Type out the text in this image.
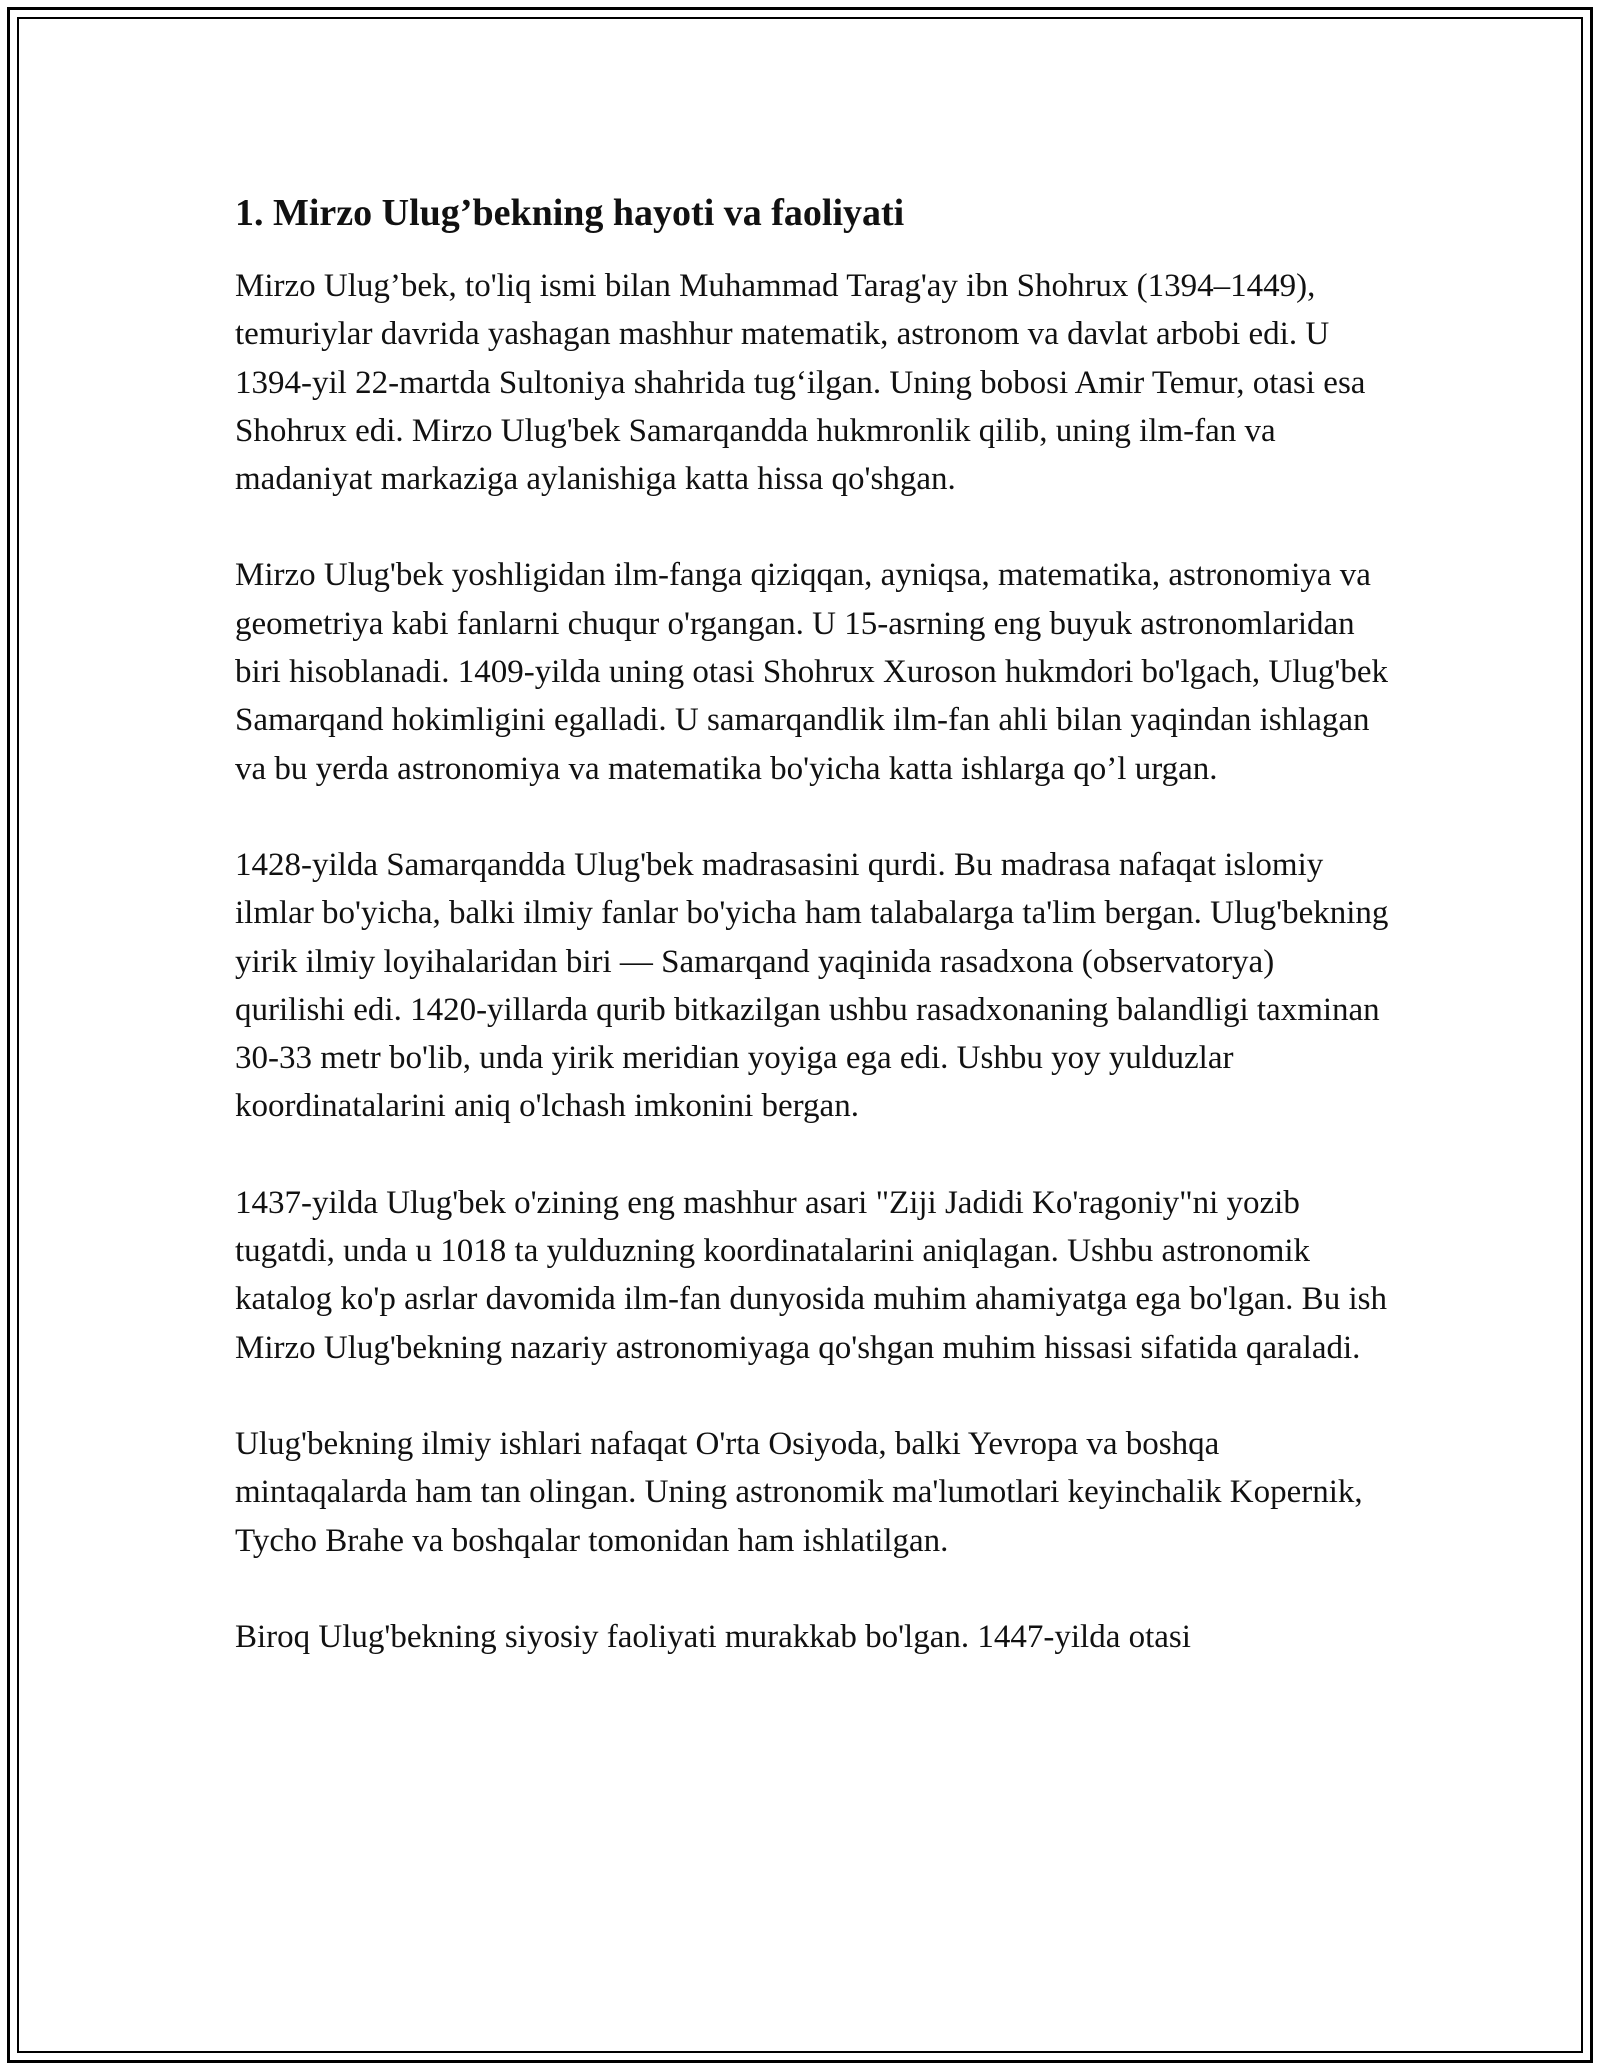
1. Mirzo Ulug’bekning hayoti va faoliyati

Mirzo Ulug’bek, to'liq ismi bilan Muhammad Tarag'ay ibn Shohrux (1394–1449), temuriylar davrida yashagan mashhur matematik, astronom va davlat arbobi edi. U 1394-yil 22-martda Sultoniya shahrida tug‘ilgan. Uning bobosi Amir Temur, otasi esa Shohrux edi. Mirzo Ulug'bek Samarqandda hukmronlik qilib, uning ilm-fan va madaniyat markaziga aylanishiga katta hissa qo'shgan.

Mirzo Ulug'bek yoshligidan ilm-fanga qiziqqan, ayniqsa, matematika, astronomiya va geometriya kabi fanlarni chuqur o'rgangan. U 15-asrning eng buyuk astronomlaridan biri hisoblanadi. 1409-yilda uning otasi Shohrux Xuroson hukmdori bo'lgach, Ulug'bek Samarqand hokimligini egalladi. U samarqandlik ilm-fan ahli bilan yaqindan ishlagan va bu yerda astronomiya va matematika bo'yicha katta ishlarga qo’l urgan.

1428-yilda Samarqandda Ulug'bek madrasasini qurdi. Bu madrasa nafaqat islomiy ilmlar bo'yicha, balki ilmiy fanlar bo'yicha ham talabalarga ta'lim bergan. Ulug'bekning yirik ilmiy loyihalaridan biri — Samarqand yaqinida rasadxona (observatorya) qurilishi edi. 1420-yillarda qurib bitkazilgan ushbu rasadxonaning balandligi taxminan 30-33 metr bo'lib, unda yirik meridian yoyiga ega edi. Ushbu yoy yulduzlar koordinatalarini aniq o'lchash imkonini bergan.

1437-yilda Ulug'bek o'zining eng mashhur asari "Ziji Jadidi Ko'ragoniy"ni yozib tugatdi, unda u 1018 ta yulduzning koordinatalarini aniqlagan. Ushbu astronomik katalog ko'p asrlar davomida ilm-fan dunyosida muhim ahamiyatga ega bo'lgan. Bu ish Mirzo Ulug'bekning nazariy astronomiyaga qo'shgan muhim hissasi sifatida qaraladi.

Ulug'bekning ilmiy ishlari nafaqat O'rta Osiyoda, balki Yevropa va boshqa mintaqalarda ham tan olingan. Uning astronomik ma'lumotlari keyinchalik Kopernik, Tycho Brahe va boshqalar tomonidan ham ishlatilgan.

Biroq Ulug'bekning siyosiy faoliyati murakkab bo'lgan. 1447-yilda otasi
